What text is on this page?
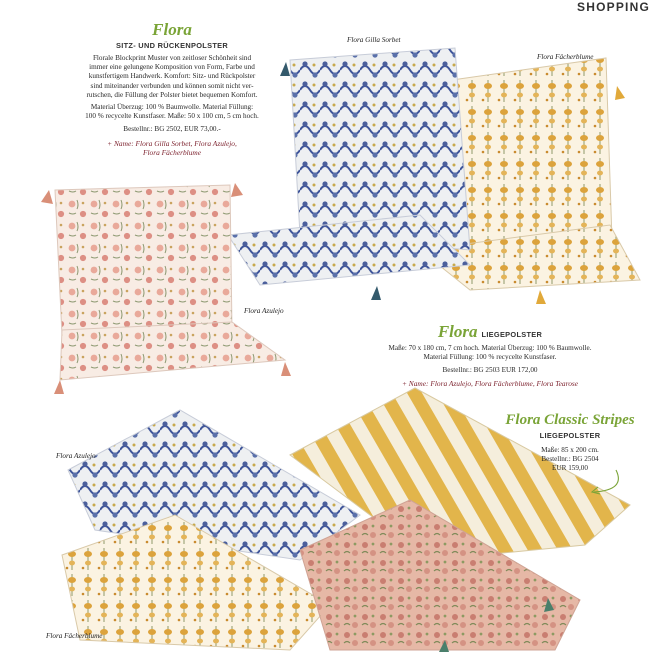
SHOPPING
Flora
SITZ- UND RÜCKENPOLSTER
Florale Blockprint Muster von zeitloser Schönheit sind
immer eine gelungene Komposition von Form, Farbe und
kunstfertigem Handwerk. Komfort: Sitz- und Rückpolster
sind miteinander verbunden und können somit nicht ver-
rutschen, die Füllung der Polster bietet bequemen Komfort.
Material Überzug: 100 % Baumwolle. Material Füllung:
100 % recycelte Kunstfaser. Maße: 50 x 100 cm, 5 cm hoch.
Bestellnr.: BG 2502, EUR 73,00.-
+ Name: Flora Gilla Sorbet, Flora Azulejo,
Flora Fächerblume
Flora Gilla Sorbet
Flora Fächerblume
Flora Azulejo
Flora Azulejo
Flora Fächerblume
Flora LIEGEPOLSTER
Maße: 70 x 180 cm, 7 cm hoch. Material Überzug: 100 % Baumwolle.
Material Füllung: 100 % recycelte Kunstfaser.
Bestellnr.: BG 2503 EUR 172,00
+ Name: Flora Azulejo, Flora Fächerblume, Flora Tearose
Flora Classic Stripes
LIEGEPOLSTER
Maße: 85 x 200 cm.
Bestellnr.: BG 2504
EUR 159,00
